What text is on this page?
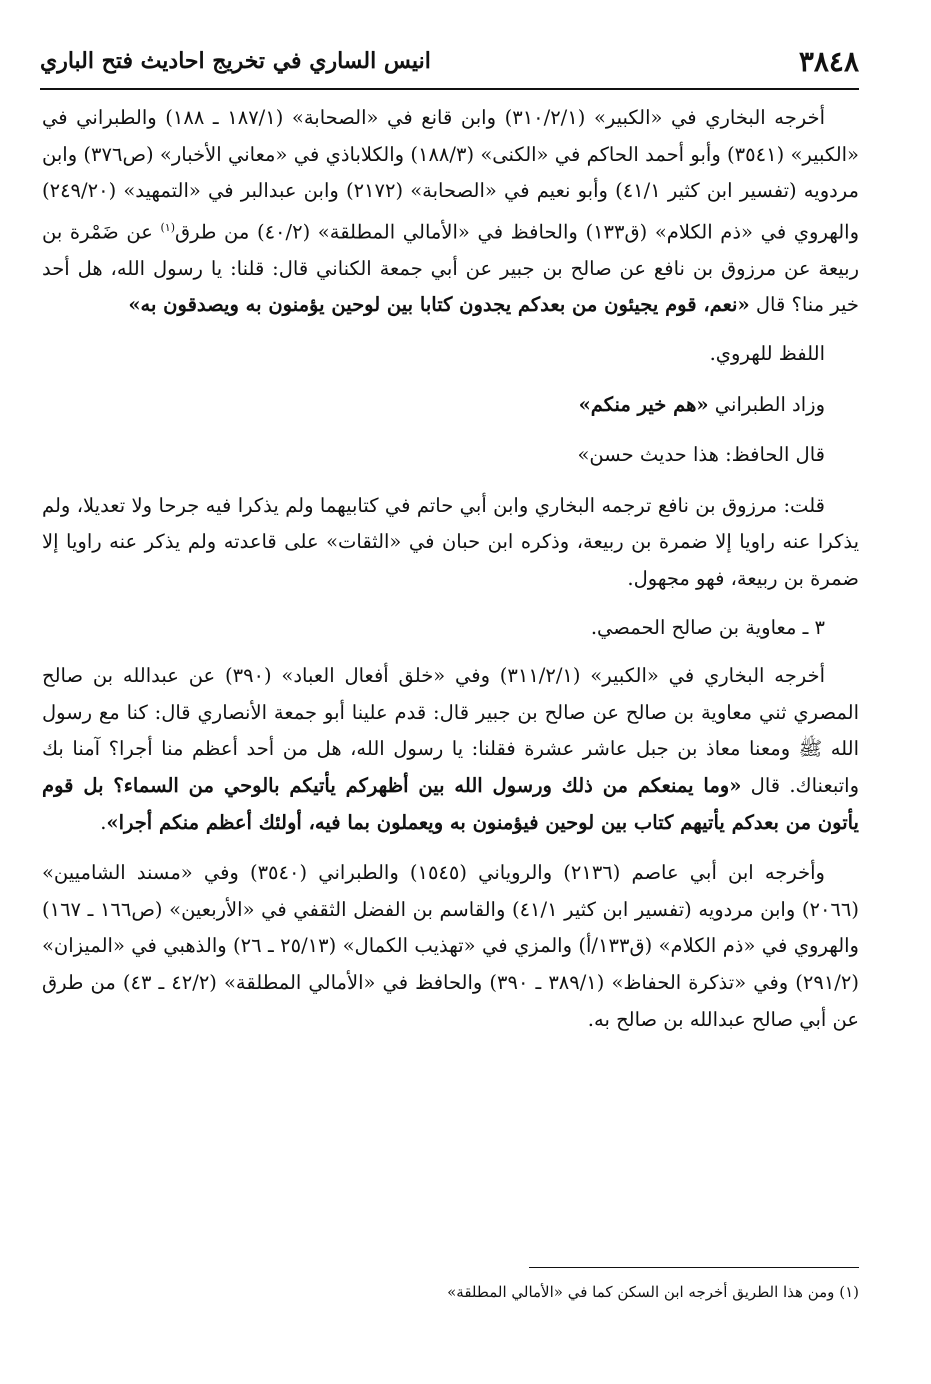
٣٨٤٨
انيس الساري في تخريج احاديث فتح الباري

أخرجه البخاري في «الكبير» (٣١٠/٢/١) وابن قانع في «الصحابة» (١٨٧/١ ـ ١٨٨) والطبراني في «الكبير» (٣٥٤١) وأبو أحمد الحاكم في «الكنى» (١٨٨/٣) والكلاباذي في «معاني الأخبار» (ص٣٧٦) وابن مردويه (تفسير ابن كثير ٤١/١) وأبو نعيم في «الصحابة» (٢١٧٢) وابن عبدالبر في «التمهيد» (٢٤٩/٢٠) والهروي في «ذم الكلام» (ق١٣٣) والحافظ في «الأمالي المطلقة» (٤٠/٢) من طرق$^{(١)}$ عن ضَمْرة بن ربيعة عن مرزوق بن نافع عن صالح بن جبير عن أبي جمعة الكناني قال: قلنا: يا رسول الله، هل أحد خير منا؟ قال «نعم، قوم يجيئون من بعدكم يجدون كتابا بين لوحين يؤمنون به ويصدقون به»

اللفظ للهروي.

وزاد الطبراني «هم خير منكم»

قال الحافظ: هذا حديث حسن»

قلت: مرزوق بن نافع ترجمه البخاري وابن أبي حاتم في كتابيهما ولم يذكرا فيه جرحا ولا تعديلا، ولم يذكرا عنه راويا إلا ضمرة بن ربيعة، وذكره ابن حبان في «الثقات» على قاعدته ولم يذكر عنه راويا إلا ضمرة بن ربيعة، فهو مجهول.

٣ ـ معاوية بن صالح الحمصي.

أخرجه البخاري في «الكبير» (٣١١/٢/١) وفي «خلق أفعال العباد» (٣٩٠) عن عبدالله بن صالح المصري ثني معاوية بن صالح عن صالح بن جبير قال: قدم علينا أبو جمعة الأنصاري قال: كنا مع رسول الله ﷺ ومعنا معاذ بن جبل عاشر عشرة فقلنا: يا رسول الله، هل من أحد أعظم منا أجرا؟ آمنا بك واتبعناك. قال «وما يمنعكم من ذلك ورسول الله بين أظهركم يأتيكم بالوحي من السماء؟ بل قوم يأتون من بعدكم يأتيهم كتاب بين لوحين فيؤمنون به ويعملون بما فيه، أولئك أعظم منكم أجرا».

وأخرجه ابن أبي عاصم (٢١٣٦) والروياني (١٥٤٥) والطبراني (٣٥٤٠) وفي «مسند الشاميين» (٢٠٦٦) وابن مردويه (تفسير ابن كثير ٤١/١) والقاسم بن الفضل الثقفي في «الأربعين» (ص١٦٦ ـ ١٦٧) والهروي في «ذم الكلام» (ق١٣٣/أ) والمزي في «تهذيب الكمال» (٢٥/١٣ ـ ٢٦) والذهبي في «الميزان» (٢٩١/٢) وفي «تذكرة الحفاظ» (٣٨٩/١ ـ ٣٩٠) والحافظ في «الأمالي المطلقة» (٤٢/٢ ـ ٤٣) من طرق عن أبي صالح عبدالله بن صالح به.

(١) ومن هذا الطريق أخرجه ابن السكن كما في «الأمالي المطلقة»
